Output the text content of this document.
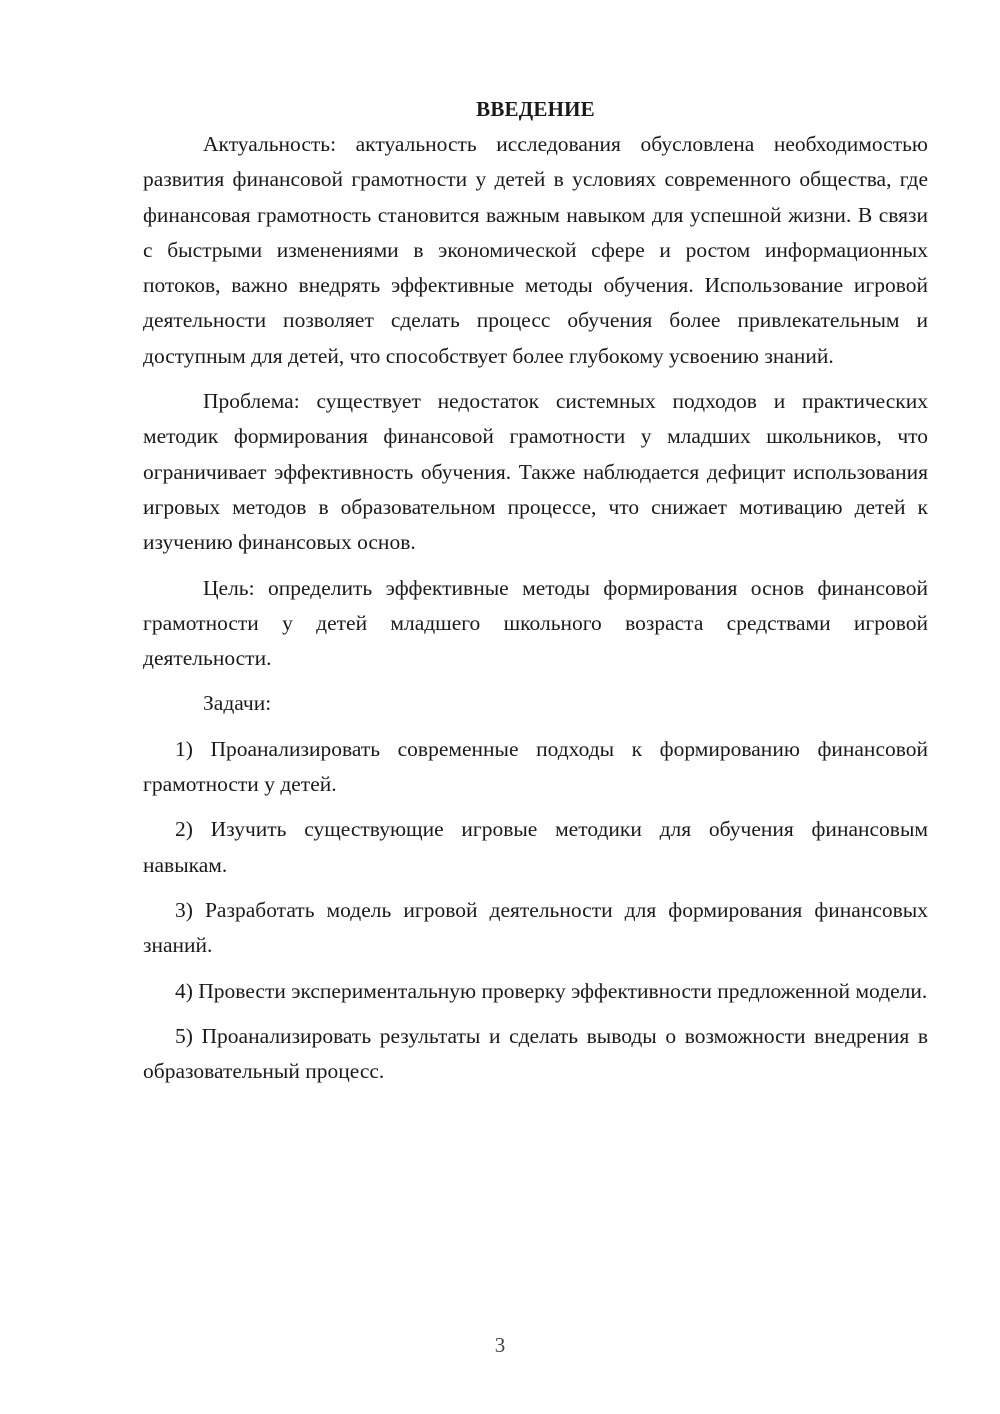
ВВЕДЕНИЕ

Актуальность: актуальность исследования обусловлена необходимостью развития финансовой грамотности у детей в условиях современного общества, где финансовая грамотность становится важным навыком для успешной жизни. В связи с быстрыми изменениями в экономической сфере и ростом информационных потоков, важно внедрять эффективные методы обучения. Использование игровой деятельности позволяет сделать процесс обучения более привлекательным и доступным для детей, что способствует более глубокому усвоению знаний.

Проблема: существует недостаток системных подходов и практических методик формирования финансовой грамотности у младших школьников, что ограничивает эффективность обучения. Также наблюдается дефицит использования игровых методов в образовательном процессе, что снижает мотивацию детей к изучению финансовых основ.

Цель: определить эффективные методы формирования основ финансовой грамотности у детей младшего школьного возраста средствами игровой деятельности.

Задачи:

1) Проанализировать современные подходы к формированию финансовой грамотности у детей.

2) Изучить существующие игровые методики для обучения финансовым навыкам.

3) Разработать модель игровой деятельности для формирования финансовых знаний.

4) Провести экспериментальную проверку эффективности предложенной модели.

5) Проанализировать результаты и сделать выводы о возможности внедрения в образовательный процесс.

3
